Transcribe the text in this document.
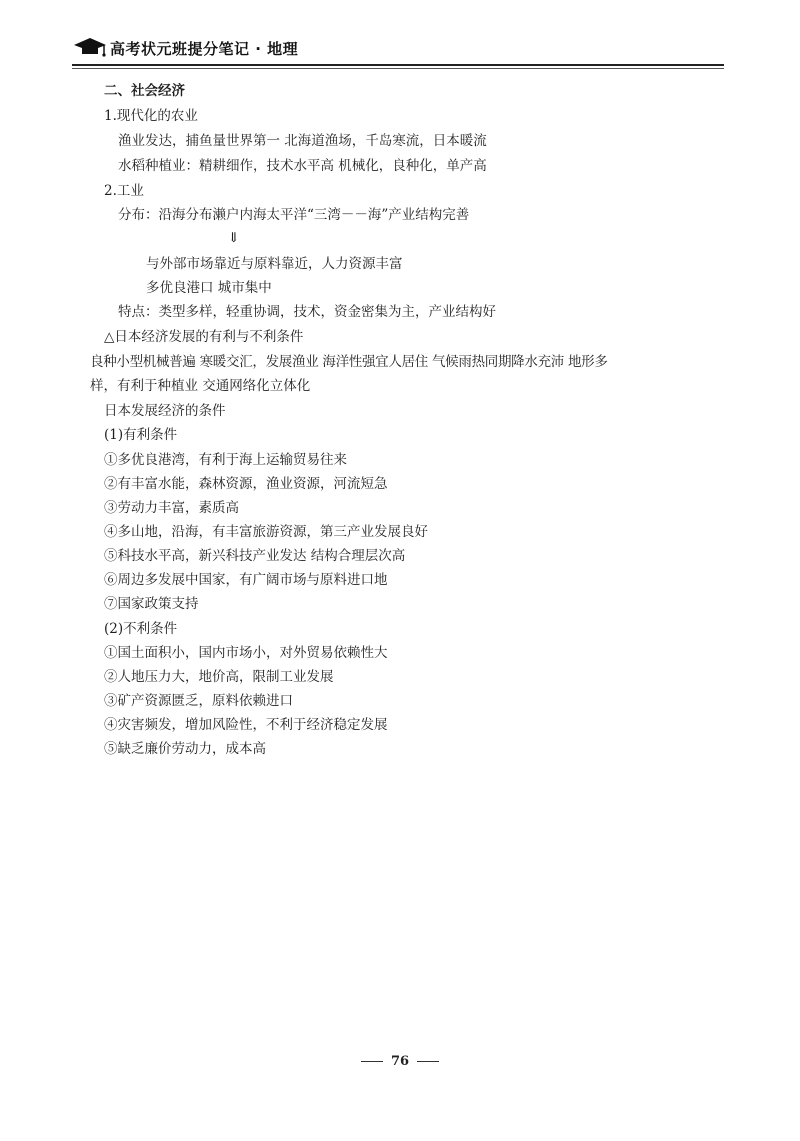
高考状元班提分笔记 · 地理
二、社会经济
1.现代化的农业
渔业发达，捕鱼量世界第一 北海道渔场，千岛寒流，日本暖流
水稻种植业：精耕细作，技术水平高 机械化，良种化，单产高
2.工业
分布：沿海分布濑户内海太平洋“三湾－－海”产业结构完善
⇓
与外部市场靠近与原料靠近，人力资源丰富
多优良港口 城市集中
特点：类型多样，轻重协调，技术，资金密集为主，产业结构好
△日本经济发展的有利与不利条件
良种小型机械普遍 寒暖交汇，发展渔业 海洋性强宜人居住 气候雨热同期降水充沛 地形多
样，有利于种植业 交通网络化立体化
日本发展经济的条件
(1)有利条件
①多优良港湾，有利于海上运输贸易往来
②有丰富水能，森林资源，渔业资源，河流短急
③劳动力丰富，素质高
④多山地，沿海，有丰富旅游资源，第三产业发展良好
⑤科技水平高，新兴科技产业发达 结构合理层次高
⑥周边多发展中国家，有广阔市场与原料进口地
⑦国家政策支持
(2)不利条件
①国土面积小，国内市场小，对外贸易依赖性大
②人地压力大，地价高，限制工业发展
③矿产资源匮乏，原料依赖进口
④灾害频发，增加风险性，不利于经济稳定发展
⑤缺乏廉价劳动力，成本高
76
